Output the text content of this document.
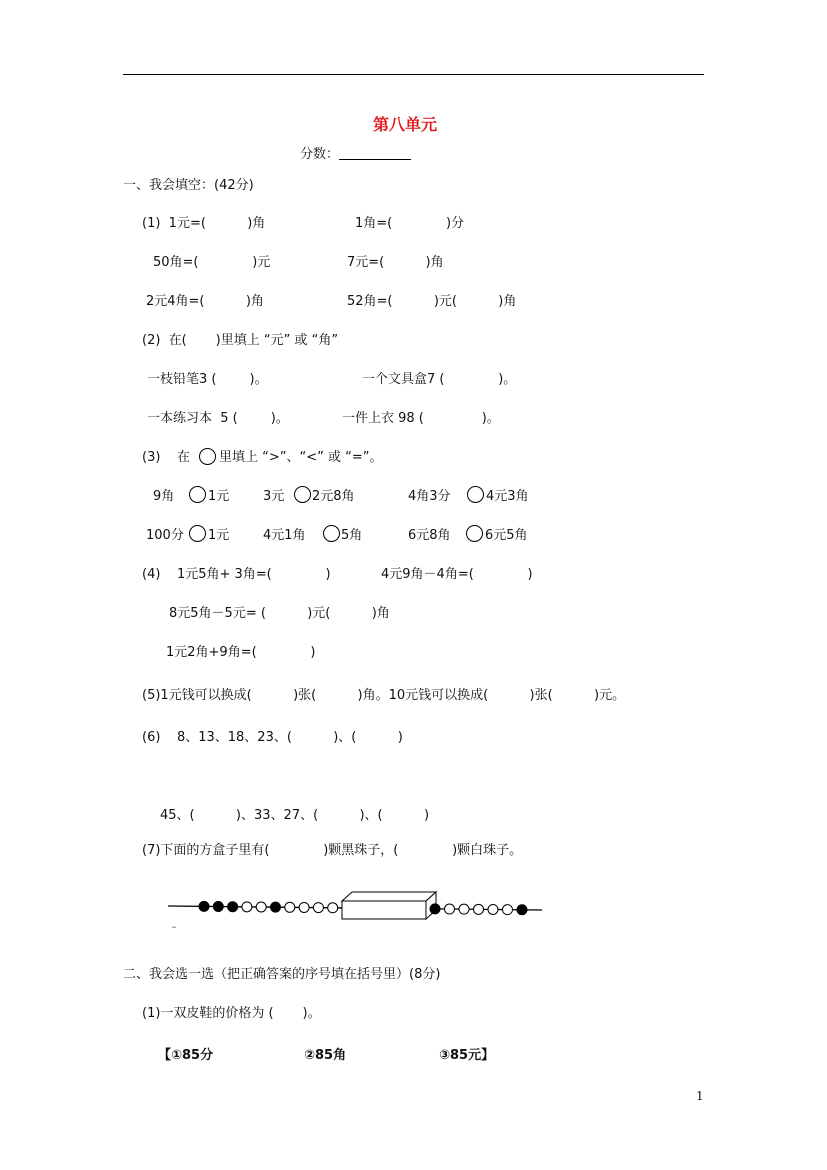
第八单元
分数：
一、我会填空：(42分)
(1)  1元=(          )角	1角=(             )分
50角=(             )元	7元=(          )角
2元4角=(          )角	52角=(          )元(          )角
(2)  在(       )里填上 “元” 或 “角”
一枝铅笔3 (        )。	一个文具盒7 (             )。
一本练习本  5 (        )。	一件上衣 98 (              )。
(3)    在 里填上 “>”、“<” 或 “=”。
9角	1元	3元 2元8角	4角3分	4元3角
100分 1元	4元1角	5角	6元8角	6元5角
(4)    1元5角+ 3角=(             )	4元9角－4角=(             )
8元5角－5元= (          )元(          )角
1元2角+9角=(             )
(5)1元钱可以换成(          )张(          )角。10元钱可以换成(          )张(          )元。
(6)    8、13、18、23、(          )、(          )
45、(          )、33、27、(          )、(          )
(7)下面的方盒子里有(             )颗黑珠子，(             )颗白珠子。
ᵃᵃ
二、我会选一选（把正确答案的序号填在括号里）(8分)
(1)一双皮鞋的价格为 (       )。
【①85分	②85角	③85元】
1
